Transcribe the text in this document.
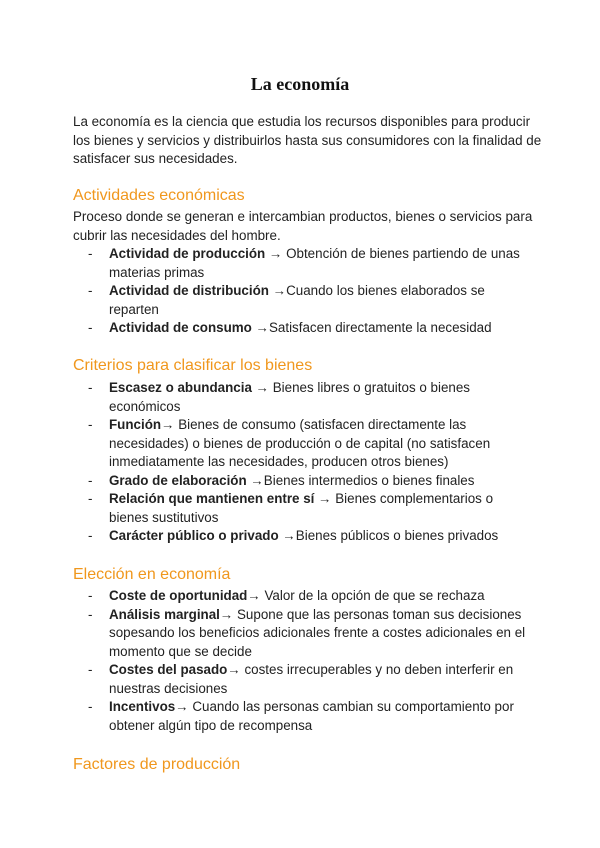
La economía

La economía es la ciencia que estudia los recursos disponibles para producir los bienes y servicios y distribuirlos hasta sus consumidores con la finalidad de satisfacer sus necesidades.

Actividades económicas

Proceso donde se generan e intercambian productos, bienes o servicios para cubrir las necesidades del hombre.

- Actividad de producción → Obtención de bienes partiendo de unas materias primas
- Actividad de distribución →Cuando los bienes elaborados se reparten
- Actividad de consumo →Satisfacen directamente la necesidad
Criterios para clasificar los bienes
- Escasez o abundancia → Bienes libres o gratuitos o bienes económicos
- Función→ Bienes de consumo (satisfacen directamente las necesidades) o bienes de producción o de capital (no satisfacen inmediatamente las necesidades, producen otros bienes)
- Grado de elaboración →Bienes intermedios o bienes finales
- Relación que mantienen entre sí → Bienes complementarios o bienes sustitutivos
- Carácter público o privado →Bienes públicos o bienes privados
Elección en economía
- Coste de oportunidad→ Valor de la opción de que se rechaza
- Análisis marginal→ Supone que las personas toman sus decisiones sopesando los beneficios adicionales frente a costes adicionales en el momento que se decide
- Costes del pasado→ costes irrecuperables y no deben interferir en nuestras decisiones
- Incentivos→ Cuando las personas cambian su comportamiento por obtener algún tipo de recompensa
Factores de producción
